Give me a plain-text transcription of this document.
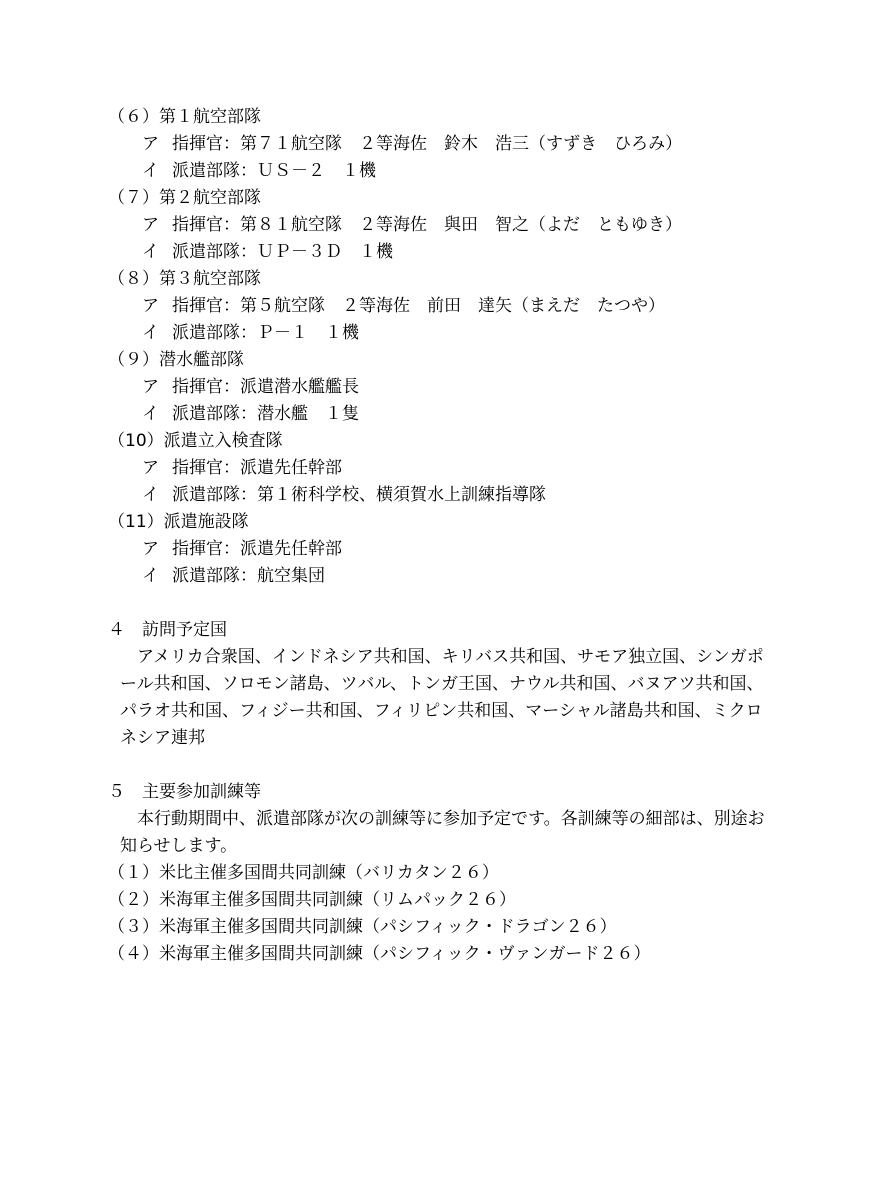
（６）第１航空部隊
ア 指揮官：第７１航空隊　２等海佐　鈴木　浩三（すずき　ひろみ）
イ 派遣部隊：ＵＳ－２　１機
（７）第２航空部隊
ア 指揮官：第８１航空隊　２等海佐　與田　智之（よだ　ともゆき）
イ 派遣部隊：ＵＰ－３Ｄ　１機
（８）第３航空部隊
ア 指揮官：第５航空隊　２等海佐　前田　達矢（まえだ　たつや）
イ 派遣部隊：Ｐ－１　１機
（９）潜水艦部隊
ア 指揮官：派遣潜水艦艦長
イ 派遣部隊：潜水艦　１隻
（10）派遣立入検査隊
ア 指揮官：派遣先任幹部
イ 派遣部隊：第１術科学校、横須賀水上訓練指導隊
（11）派遣施設隊
ア 指揮官：派遣先任幹部
イ 派遣部隊：航空集団
４ 訪問予定国
アメリカ合衆国、インドネシア共和国、キリバス共和国、サモア独立国、シンガポ
ール共和国、ソロモン諸島、ツバル、トンガ王国、ナウル共和国、バヌアツ共和国、
パラオ共和国、フィジー共和国、フィリピン共和国、マーシャル諸島共和国、ミクロ
ネシア連邦
５ 主要参加訓練等
本行動期間中、派遣部隊が次の訓練等に参加予定です。各訓練等の細部は、別途お
知らせします。
（１）米比主催多国間共同訓練（バリカタン２６）
（２）米海軍主催多国間共同訓練（リムパック２６）
（３）米海軍主催多国間共同訓練（パシフィック・ドラゴン２６）
（４）米海軍主催多国間共同訓練（パシフィック・ヴァンガード２６）
